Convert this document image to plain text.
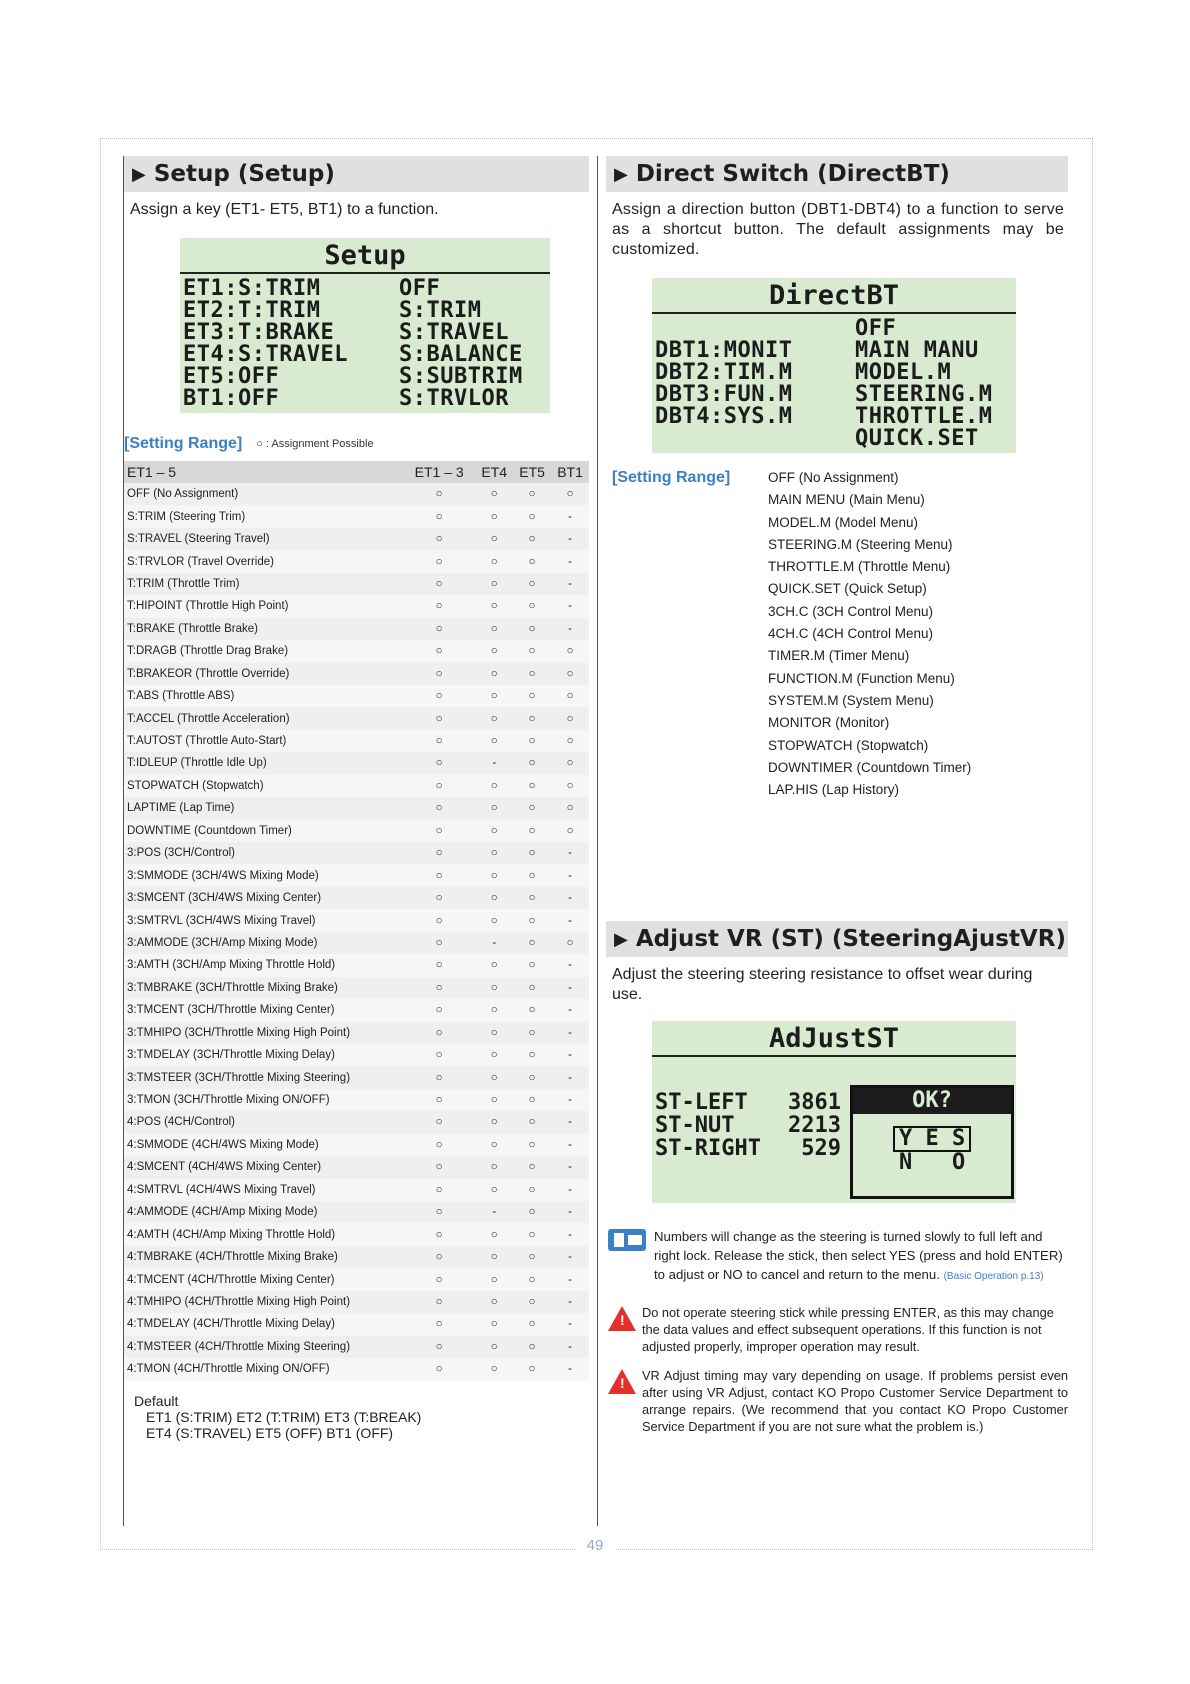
▶ Setup (Setup)
Assign a key (ET1- ET5, BT1) to a function.
Setup
ET1:S:TRIM	OFF
ET2:T:TRIM	S:TRIM
ET3:T:BRAKE	S:TRAVEL
ET4:S:TRAVEL	S:BALANCE
ET5:OFF	S:SUBTRIM
BT1:OFF	S:TRVLOR
[Setting Range] ○ : Assignment Possible
ET1 – 5	ET1 – 3	ET4	ET5	BT1
OFF (No Assignment)	○	○	○	○
S:TRIM (Steering Trim)	○	○	○	-
S:TRAVEL (Steering Travel)	○	○	○	-
S:TRVLOR (Travel Override)	○	○	○	-
T:TRIM (Throttle Trim)	○	○	○	-
T:HIPOINT (Throttle High Point)	○	○	○	-
T:BRAKE (Throttle Brake)	○	○	○	-
T:DRAGB (Throttle Drag Brake)	○	○	○	○
T:BRAKEOR (Throttle Override)	○	○	○	○
T:ABS (Throttle ABS)	○	○	○	○
T:ACCEL (Throttle Acceleration)	○	○	○	○
T:AUTOST (Throttle Auto-Start)	○	○	○	○
T:IDLEUP (Throttle Idle Up)	○	-	○	○
STOPWATCH (Stopwatch)	○	○	○	○
LAPTIME (Lap Time)	○	○	○	○
DOWNTIME (Countdown Timer)	○	○	○	○
3:POS (3CH/Control)	○	○	○	-
3:SMMODE (3CH/4WS Mixing Mode)	○	○	○	-
3:SMCENT (3CH/4WS Mixing Center)	○	○	○	-
3:SMTRVL (3CH/4WS Mixing Travel)	○	○	○	-
3:AMMODE (3CH/Amp Mixing Mode)	○	-	○	○
3:AMTH (3CH/Amp Mixing Throttle Hold)	○	○	○	-
3:TMBRAKE (3CH/Throttle Mixing Brake)	○	○	○	-
3:TMCENT (3CH/Throttle Mixing Center)	○	○	○	-
3:TMHIPO (3CH/Throttle Mixing High Point)	○	○	○	-
3:TMDELAY (3CH/Throttle Mixing Delay)	○	○	○	-
3:TMSTEER (3CH/Throttle Mixing Steering)	○	○	○	-
3:TMON (3CH/Throttle Mixing ON/OFF)	○	○	○	-
4:POS (4CH/Control)	○	○	○	-
4:SMMODE (4CH/4WS Mixing Mode)	○	○	○	-
4:SMCENT (4CH/4WS Mixing Center)	○	○	○	-
4:SMTRVL (4CH/4WS Mixing Travel)	○	○	○	-
4:AMMODE (4CH/Amp Mixing Mode)	○	-	○	-
4:AMTH (4CH/Amp Mixing Throttle Hold)	○	○	○	-
4:TMBRAKE (4CH/Throttle Mixing Brake)	○	○	○	-
4:TMCENT (4CH/Throttle Mixing Center)	○	○	○	-
4:TMHIPO (4CH/Throttle Mixing High Point)	○	○	○	-
4:TMDELAY (4CH/Throttle Mixing Delay)	○	○	○	-
4:TMSTEER (4CH/Throttle Mixing Steering)	○	○	○	-
4:TMON (4CH/Throttle Mixing ON/OFF)	○	○	○	-
Default
ET1 (S:TRIM) ET2 (T:TRIM) ET3 (T:BREAK)
ET4 (S:TRAVEL) ET5 (OFF) BT1 (OFF)
▶ Direct Switch (DirectBT)
Assign a direction button (DBT1-DBT4) to a function to serve as a shortcut button. The default assignments may be customized.
DirectBT
OFF
DBT1:MONIT	MAIN MANU
DBT2:TIM.M	MODEL.M
DBT3:FUN.M	STEERING.M
DBT4:SYS.M	THROTTLE.M
QUICK.SET
[Setting Range]	OFF (No Assignment)
MAIN MENU (Main Menu)
MODEL.M (Model Menu)
STEERING.M (Steering Menu)
THROTTLE.M (Throttle Menu)
QUICK.SET (Quick Setup)
3CH.C (3CH Control Menu)
4CH.C (4CH Control Menu)
TIMER.M (Timer Menu)
FUNCTION.M (Function Menu)
SYSTEM.M (System Menu)
MONITOR (Monitor)
STOPWATCH (Stopwatch)
DOWNTIMER (Countdown Timer)
LAP.HIS (Lap History)
▶ Adjust VR (ST) (SteeringAjustVR)
Adjust the steering steering resistance to offset wear during use.
AdJustST
ST-LEFT	3861
ST-NUT	2213
ST-RIGHT	529
OK?
Y E S
N   O
Numbers will change as the steering is turned slowly to full left and right lock. Release the stick, then select YES (press and hold ENTER) to adjust or NO to cancel and return to the menu. (Basic Operation p.13)
! Do not operate steering stick while pressing ENTER, as this may change the data values and effect subsequent operations. If this function is not adjusted properly, improper operation may result.
! VR Adjust timing may vary depending on usage. If problems persist even after using VR Adjust, contact KO Propo Customer Service Department to arrange repairs. (We recommend that you contact KO Propo Customer Service Department if you are not sure what the problem is.)
49
